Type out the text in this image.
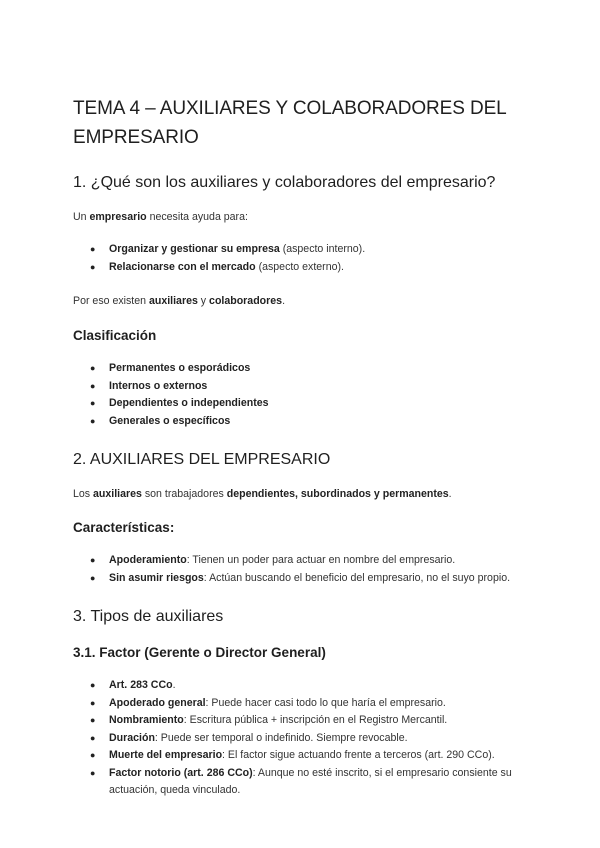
TEMA 4 – AUXILIARES Y COLABORADORES DEL EMPRESARIO
1. ¿Qué son los auxiliares y colaboradores del empresario?

Un empresario necesita ayuda para:

● Organizar y gestionar su empresa (aspecto interno).
● Relacionarse con el mercado (aspecto externo).

Por eso existen auxiliares y colaboradores.

Clasificación
● Permanentes o esporádicos
● Internos o externos
● Dependientes o independientes
● Generales o específicos
2. AUXILIARES DEL EMPRESARIO

Los auxiliares son trabajadores dependientes, subordinados y permanentes.

Características:
● Apoderamiento: Tienen un poder para actuar en nombre del empresario.
● Sin asumir riesgos: Actúan buscando el beneficio del empresario, no el suyo propio.
3. Tipos de auxiliares
3.1. Factor (Gerente o Director General)
● Art. 283 CCo.
● Apoderado general: Puede hacer casi todo lo que haría el empresario.
● Nombramiento: Escritura pública + inscripción en el Registro Mercantil.
● Duración: Puede ser temporal o indefinido. Siempre revocable.
● Muerte del empresario: El factor sigue actuando frente a terceros (art. 290 CCo).
● Factor notorio (art. 286 CCo): Aunque no esté inscrito, si el empresario consiente su actuación, queda vinculado.
